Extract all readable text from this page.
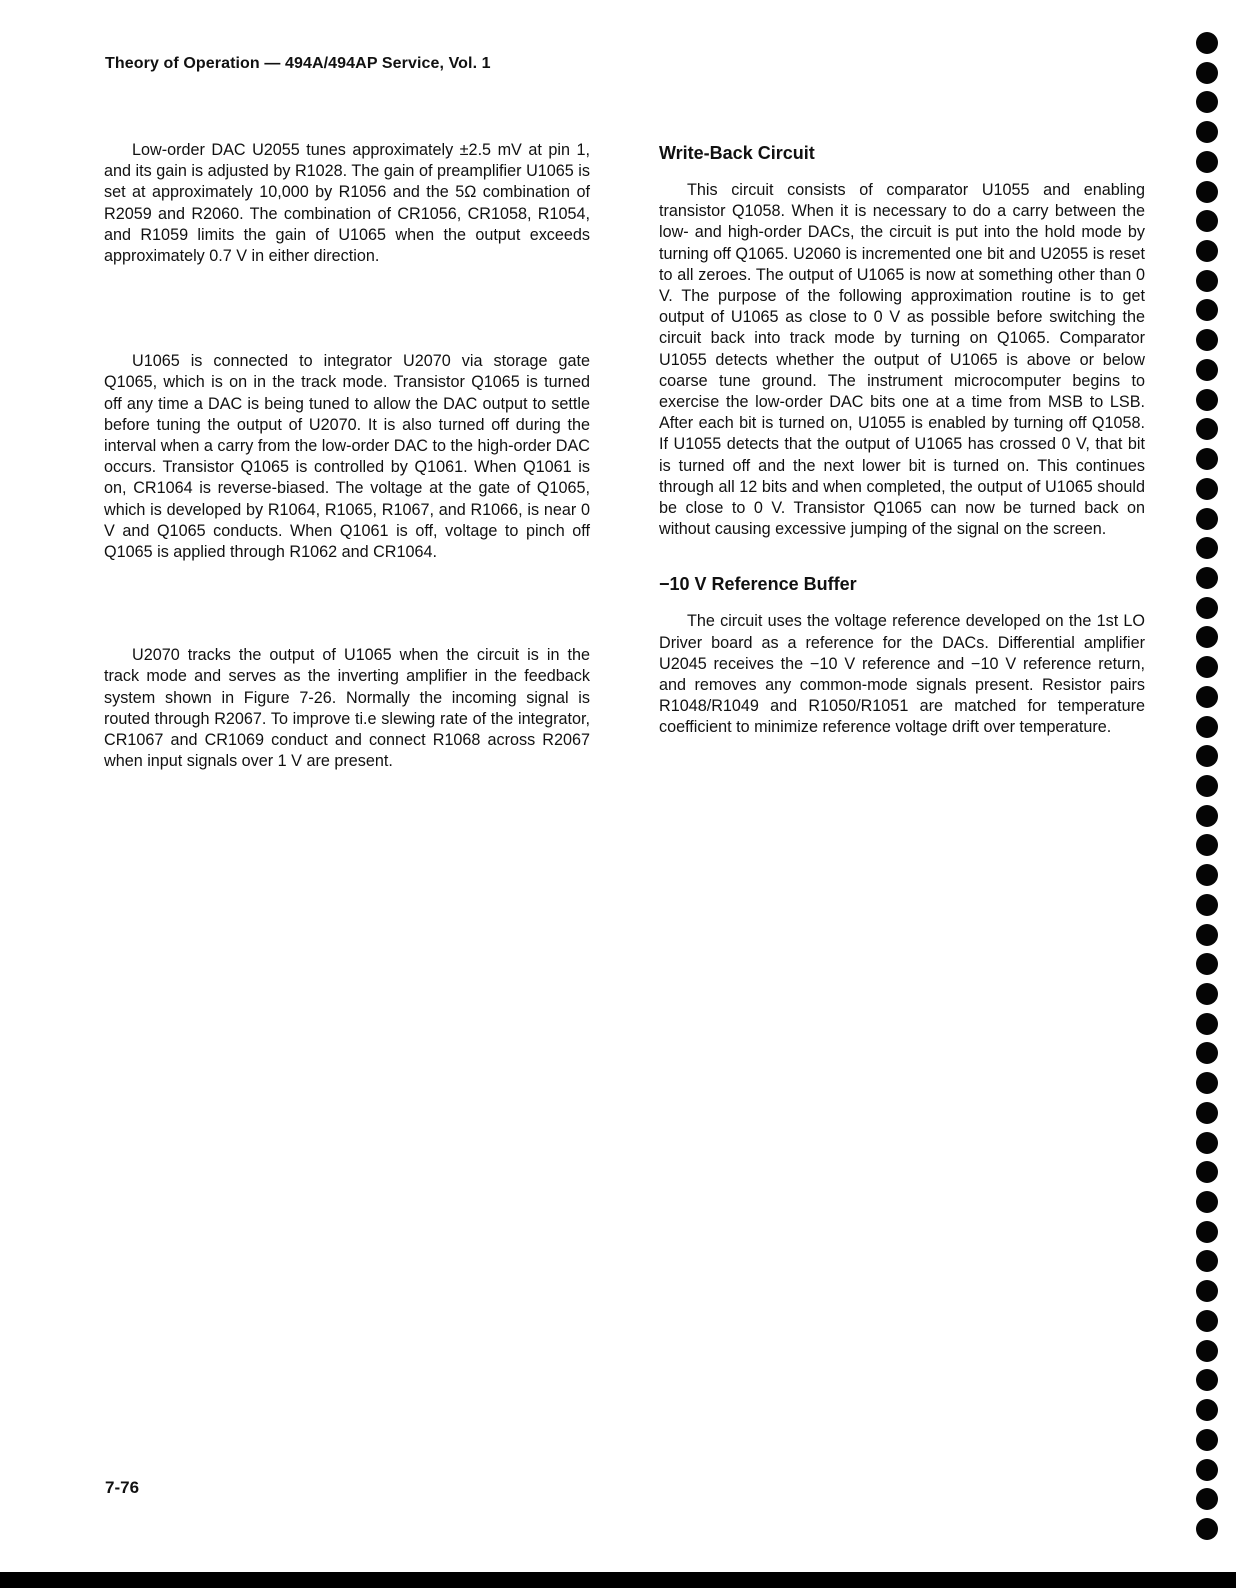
Theory of Operation — 494A/494AP Service, Vol. 1

Low-order DAC U2055 tunes approximately ±2.5 mV at pin 1, and its gain is adjusted by R1028. The gain of preamplifier U1065 is set at approximately 10,000 by R1056 and the 5Ω combination of R2059 and R2060. The combination of CR1056, CR1058, R1054, and R1059 limits the gain of U1065 when the output exceeds approximately 0.7 V in either direction.

U1065 is connected to integrator U2070 via storage gate Q1065, which is on in the track mode. Transistor Q1065 is turned off any time a DAC is being tuned to allow the DAC output to settle before tuning the output of U2070. It is also turned off during the interval when a carry from the low-order DAC to the high-order DAC occurs. Transistor Q1065 is controlled by Q1061. When Q1061 is on, CR1064 is reverse-biased. The voltage at the gate of Q1065, which is developed by R1064, R1065, R1067, and R1066, is near 0 V and Q1065 conducts. When Q1061 is off, voltage to pinch off Q1065 is applied through R1062 and CR1064.

U2070 tracks the output of U1065 when the circuit is in the track mode and serves as the inverting amplifier in the feedback system shown in Figure 7-26. Normally the incoming signal is routed through R2067. To improve ti.e slewing rate of the integrator, CR1067 and CR1069 conduct and connect R1068 across R2067 when input signals over 1 V are present.

Write-Back Circuit

This circuit consists of comparator U1055 and enabling transistor Q1058. When it is necessary to do a carry between the low- and high-order DACs, the circuit is put into the hold mode by turning off Q1065. U2060 is incremented one bit and U2055 is reset to all zeroes. The output of U1065 is now at something other than 0 V. The purpose of the following approximation routine is to get output of U1065 as close to 0 V as possible before switching the circuit back into track mode by turning on Q1065. Comparator U1055 detects whether the output of U1065 is above or below coarse tune ground. The instrument microcomputer begins to exercise the low-order DAC bits one at a time from MSB to LSB. After each bit is turned on, U1055 is enabled by turning off Q1058. If U1055 detects that the output of U1065 has crossed 0 V, that bit is turned off and the next lower bit is turned on. This continues through all 12 bits and when completed, the output of U1065 should be close to 0 V. Transistor Q1065 can now be turned back on without causing excessive jumping of the signal on the screen.

−10 V Reference Buffer

The circuit uses the voltage reference developed on the 1st LO Driver board as a reference for the DACs. Differential amplifier U2045 receives the −10 V reference and −10 V reference return, and removes any common-mode signals present. Resistor pairs R1048/R1049 and R1050/R1051 are matched for temperature coefficient to minimize reference voltage drift over temperature.

7-76
